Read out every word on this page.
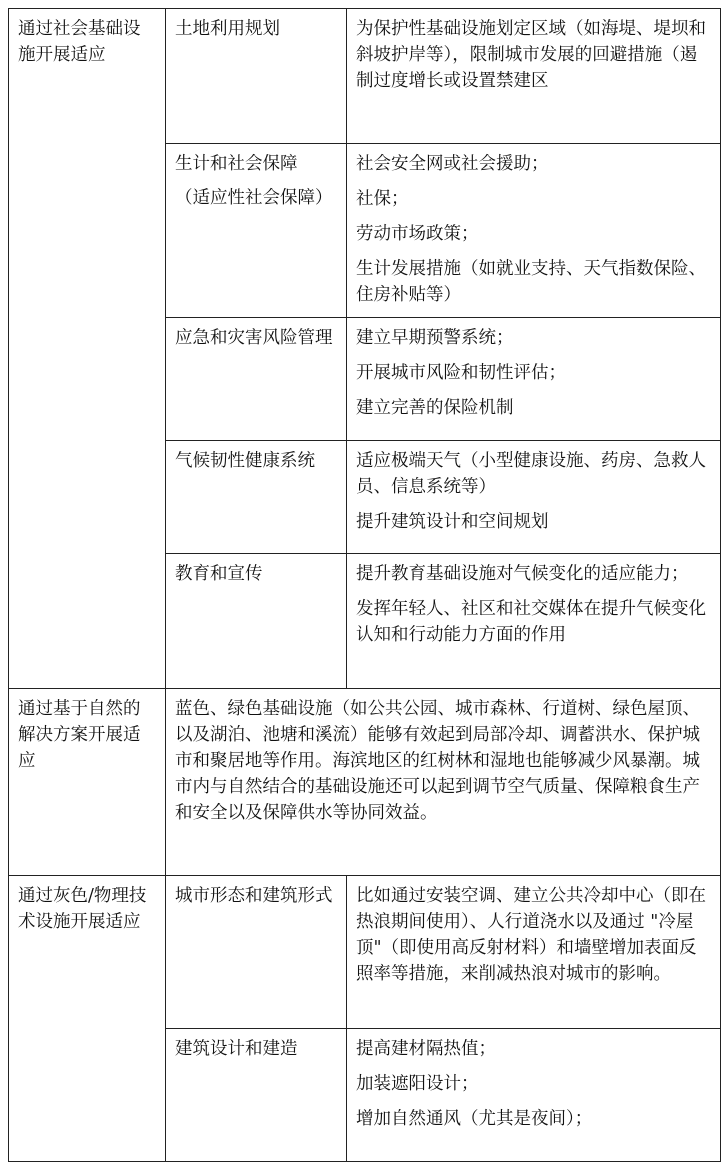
通过社会基础设施开展适应	土地利用规划	为保护性基础设施划定区域（如海堤、堤坝和斜坡护岸等），限制城市发展的回避措施（遏制过度增长或设置禁建区

	生计和社会保障
（适应性社会保障）	社会安全网或社会援助；
社保；
劳动市场政策；
生计发展措施（如就业支持、天气指数保险、住房补贴等）

	应急和灾害风险管理	建立早期预警系统；
开展城市风险和韧性评估；
建立完善的保险机制

	气候韧性健康系统	适应极端天气（小型健康设施、药房、急救人员、信息系统等）
提升建筑设计和空间规划

	教育和宣传	提升教育基础设施对气候变化的适应能力；
发挥年轻人、社区和社交媒体在提升气候变化认知和行动能力方面的作用

通过基于自然的解决方案开展适应	蓝色、绿色基础设施（如公共公园、城市森林、行道树、绿色屋顶、以及湖泊、池塘和溪流）能够有效起到局部冷却、调蓄洪水、保护城市和聚居地等作用。海滨地区的红树林和湿地也能够减少风暴潮。城市内与自然结合的基础设施还可以起到调节空气质量、保障粮食生产和安全以及保障供水等协同效益。	
通过灰色/物理技术设施开展适应	城市形态和建筑形式	比如通过安装空调、建立公共冷却中心（即在热浪期间使用）、人行道浇水以及通过 "冷屋顶"（即使用高反射材料）和墙壁增加表面反照率等措施，来削减热浪对城市的影响。

	建筑设计和建造	提高建材隔热值；
加装遮阳设计；
增加自然通风（尤其是夜间）；
